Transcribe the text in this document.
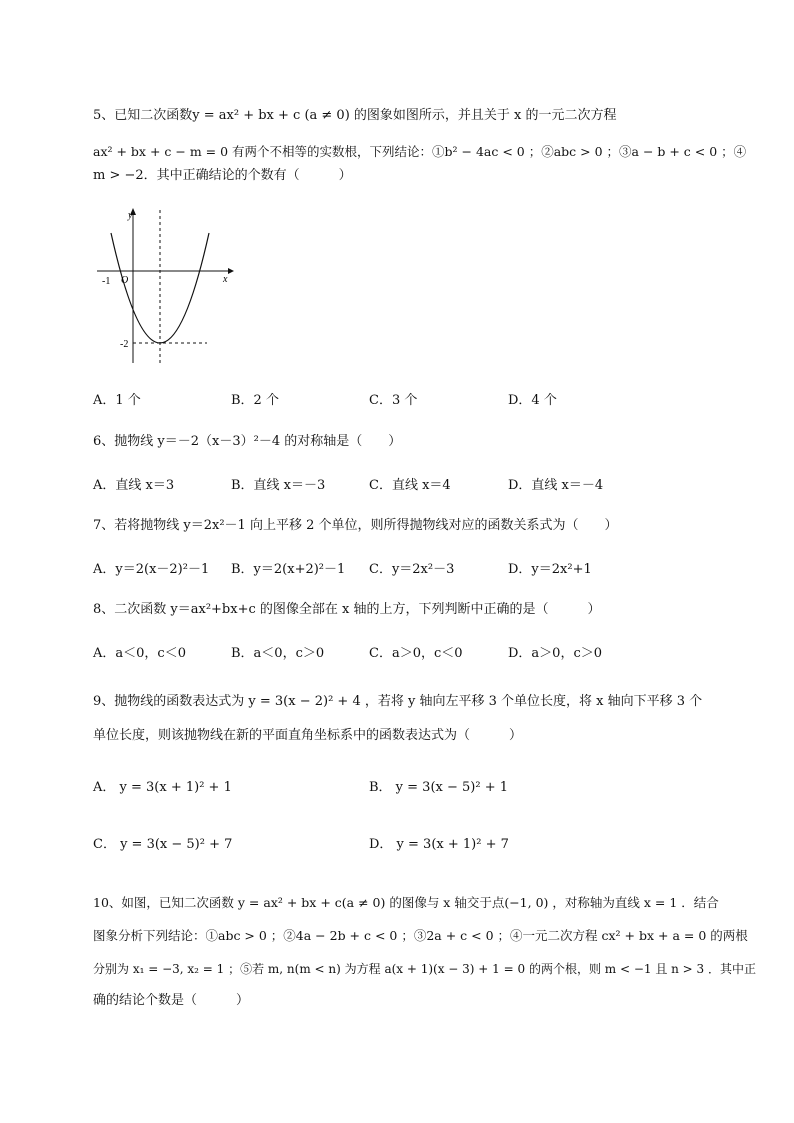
5、已知二次函数y = ax² + bx + c (a ≠ 0) 的图象如图所示，并且关于 x 的一元二次方程
ax² + bx + c − m = 0 有两个不相等的实数根，下列结论：①b² − 4ac < 0 ；②abc > 0 ；③a − b + c < 0 ；④
m > −2．其中正确结论的个数有（　　　）
y
x
O
-1
-2
A．1 个	B．2 个	C．3 个	D．4 个
6、抛物线 y＝－2（x－3）²－4 的对称轴是（　　）
A．直线 x＝3	B．直线 x＝－3	C．直线 x＝4	D．直线 x＝－4
7、若将抛物线 y＝2x²－1 向上平移 2 个单位，则所得抛物线对应的函数关系式为（　　）
A．y＝2(x－2)²－1 B．y＝2(x+2)²－1 C．y＝2x²－3	D．y＝2x²+1
8、二次函数 y＝ax²+bx+c 的图像全部在 x 轴的上方，下列判断中正确的是（　　　）
A．a＜0，c＜0	B．a＜0，c＞0	C．a＞0，c＜0	D．a＞0，c＞0
9、抛物线的函数表达式为 y = 3(x − 2)² + 4 ，若将 y 轴向左平移 3 个单位长度，将 x 轴向下平移 3 个
单位长度，则该抛物线在新的平面直角坐标系中的函数表达式为（　　　）
A． y = 3(x + 1)² + 1	B． y = 3(x − 5)² + 1
C． y = 3(x − 5)² + 7	D． y = 3(x + 1)² + 7
10、如图，已知二次函数 y = ax² + bx + c(a ≠ 0) 的图像与 x 轴交于点(−1, 0) ，对称轴为直线 x = 1 ．结合
图象分析下列结论：①abc > 0 ；②4a − 2b + c < 0 ；③2a + c < 0 ；④一元二次方程 cx² + bx + a = 0 的两根
分别为 x₁ = −3, x₂ = 1 ；⑤若 m, n(m < n) 为方程 a(x + 1)(x − 3) + 1 = 0 的两个根，则 m < −1 且 n > 3 ．其中正
确的结论个数是（　　　）
